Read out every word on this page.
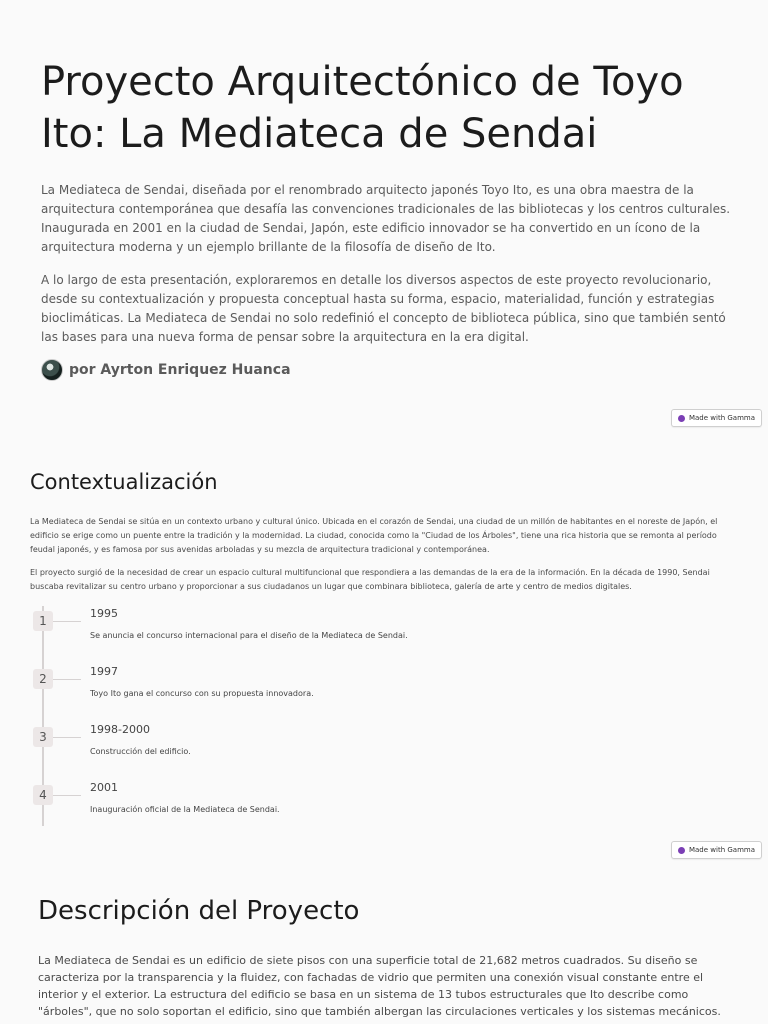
Proyecto Arquitectónico de Toyo Ito: La Mediateca de Sendai

La Mediateca de Sendai, diseñada por el renombrado arquitecto japonés Toyo Ito, es una obra maestra de la arquitectura contemporánea que desafía las convenciones tradicionales de las bibliotecas y los centros culturales. Inaugurada en 2001 en la ciudad de Sendai, Japón, este edificio innovador se ha convertido en un ícono de la arquitectura moderna y un ejemplo brillante de la filosofía de diseño de Ito.

A lo largo de esta presentación, exploraremos en detalle los diversos aspectos de este proyecto revolucionario, desde su contextualización y propuesta conceptual hasta su forma, espacio, materialidad, función y estrategias bioclimáticas. La Mediateca de Sendai no solo redefinió el concepto de biblioteca pública, sino que también sentó las bases para una nueva forma de pensar sobre la arquitectura en la era digital.

por Ayrton Enriquez Huanca
Made with Gamma
Contextualización

La Mediateca de Sendai se sitúa en un contexto urbano y cultural único. Ubicada en el corazón de Sendai, una ciudad de un millón de habitantes en el noreste de Japón, el edificio se erige como un puente entre la tradición y la modernidad. La ciudad, conocida como la "Ciudad de los Árboles", tiene una rica historia que se remonta al período feudal japonés, y es famosa por sus avenidas arboladas y su mezcla de arquitectura tradicional y contemporánea.

El proyecto surgió de la necesidad de crear un espacio cultural multifuncional que respondiera a las demandas de la era de la información. En la década de 1990, Sendai buscaba revitalizar su centro urbano y proporcionar a sus ciudadanos un lugar que combinara biblioteca, galería de arte y centro de medios digitales.

1
1995
Se anuncia el concurso internacional para el diseño de la Mediateca de Sendai.
2
1997
Toyo Ito gana el concurso con su propuesta innovadora.
3
1998-2000
Construcción del edificio.
4
2001
Inauguración oficial de la Mediateca de Sendai.
Made with Gamma
Descripción del Proyecto

La Mediateca de Sendai es un edificio de siete pisos con una superficie total de 21,682 metros cuadrados. Su diseño se caracteriza por la transparencia y la fluidez, con fachadas de vidrio que permiten una conexión visual constante entre el interior y el exterior. La estructura del edificio se basa en un sistema de 13 tubos estructurales que Ito describe como "árboles", que no solo soportan el edificio, sino que también albergan las circulaciones verticales y los sistemas mecánicos.
